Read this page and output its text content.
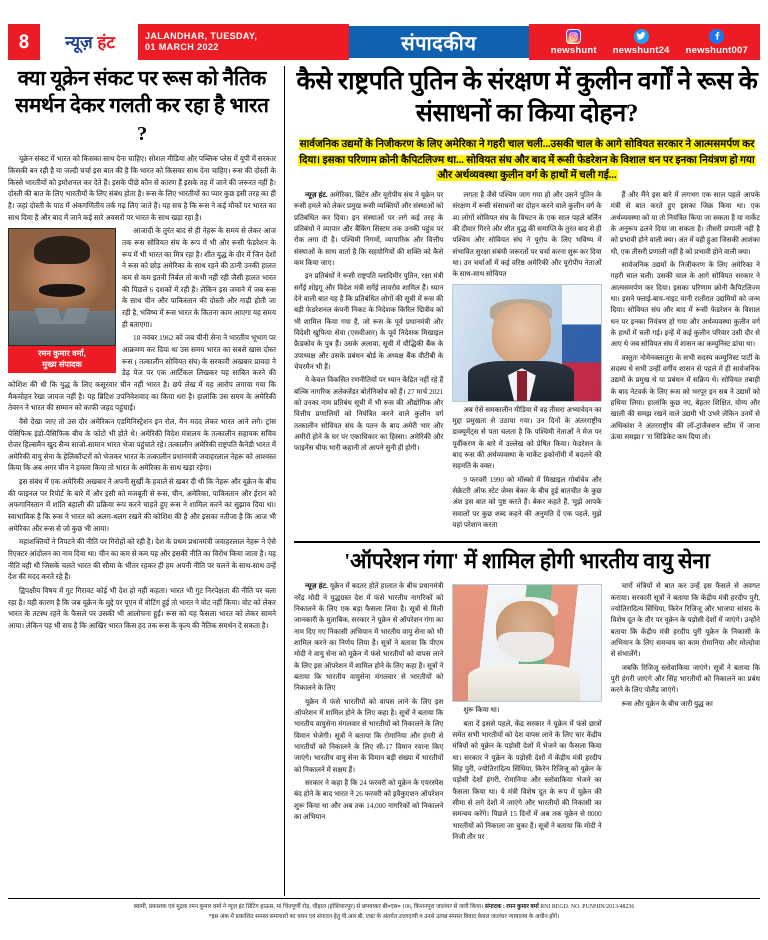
8 न्यूज़ हंट	JALANDHAR, TUESDAY,
01 MARCH 2022	संपादकीय	newshunt newshunt24 newshunt007
क्या यूक्रेन संकट पर रूस को नैतिक समर्थन देकर गलती कर रहा है भारत ?

यूक्रेन संकट में भारत को किसका साथ देना चाहिए। सोशल मीडिया और पब्लिक प्लेस में यूपी में सरकार किसकी बन रही है या जल्दी चर्चा इस बात की है कि भारत को किसका साथ देना चाहिए। रूस की दोस्ती के किस्से भारतीयों को इमोशनल कर देते हैं। इसके पीछे कौन से कारण हैं इसके तह में जाने की जरूरत नहीं है। दोस्ती की बात के लिए भारतीयों के लिए संबंध होता है। रूस के लिए भारतीयों का प्यार कुछ इसी तरह का ही है। जहां दोस्ती के पाठ में अंकगणितीय तर्क गढ़ लिए जाते हैं। यह सच है कि रूस ने कई मौकों पर भारत का साथ दिया है और बाद में जाने कई सारे अवसरों पर भारत के साथ खड़ा रहा है।

रमन कुमार वर्मा,
मुख्य संपादक

आजादी के तुरंत बाद से ही नेहरू के समय से लेकर आज तक रूस सोवियत संघ के रूप में भी और रूसी फेडरेशन के रूप में भी भारत का मित्र रहा है। शीत युद्ध के दौर में जिन देशों ने रूस को छोड़ अमेरिका के साथ रहने की ठानी उनकी हालत कम से कम इतनी निर्बल तो कभी नहीं रही जैसी हालत भारत की पिछले 6 दशकों में रही है। लेकिन इस जमाने में जब रूस के साथ चीन और पाकिस्तान की दोस्ती और गाढ़ी होती जा रही है, भविष्य में रूस भारत के कितना काम आएगा यह समय ही बताएगा।

18 नवंबर 1962 को जब चीनी सेना ने भारतीय भूभाग पर आक्रमण कर दिया था उस समय भारत का सबसे खास दोस्त रूस ( तत्कालीन सोवियत संघ) के सरकारी अखबार प्रावदा ने डेढ़ पेज पर एक आर्टिकल लिखकर यह साबित करने की कोशिश की थी कि युद्ध के लिए कसूरवार चीन नहीं भारत है। छपे लेख में यह आरोप लगाया गया कि मैकमोहन रेखा जायज नहीं है। यह ब्रिटिश उपनिवेशवाद का किया धरा है। हालांकि उस समय के अमेरिकी तेवरन ने भारत की सम्मान को काफी जहद पहुंचाई।

वैसे देखा जाए तो उस दौर अमेरिकन एडमिनिस्ट्रेशन इन रोल, मैन मदद लेकर भारत आने लगे। ट्रांस पेसिफिक इंडो-पैसिफिक बीच के फोटो भी होते थे। अमेरिकी विदेश मंत्रालय के तत्कालीन सहायक सचिव रोजर हिल्समैन खुद सैन्य साजो-सामान भारत भेजा पहुंचाते रहे। तत्कालीन अमेरिकी राष्ट्रपति कैनेडी भारत में अमेरिकी वायु सेना के हेलिकॉप्टरों को भेजकर भारत के तत्कालीन प्रधानमंत्री जवाहरलाल नेहरू को आश्वस्त किया कि अब अगर चीन ने हमला किया तो भारत के अमेरिका के साथ खड़ा रहेगा।

इस संबंध में एक अमेरिकी अखबार ने अपनी सुर्खी के हवाले से खबर दी थी कि नेहरू और यूक्रेन के बीच की फाइनल पर रिपोर्ट के बारे में और इसी को मजबूती से रूस, चीन, अमेरिका, पाकिस्तान और ईरान को अफगानिस्तान में शांति बहाली की प्रक्रिया रूप करने चाहते हुए रूस ने शामिल करने का सुझाव दिया था। स्वाभाविक है कि रूस ने भारत को अलग-थलग रखने की कोशिश की है और इसका नतीजा है कि आज भी अमेरिका और रूस से जो कुछ भी आया।

महाशक्तियों ने निपटने की नीति पर गिरोहों को रही है। देश के प्रथम प्रधानमंत्री जवाहरलाल नेहरू ने ऐसे रिएक्टर आंदोलन का नाम दिया था। चीन का कम से कम यह और इसकी नीति का विरोध किया जाता है। यह नीति वही थी जिसके चलते भारत की सीमा के भीतर रहकर ही हम अपनी नीति पर चलने के साथ-साथ उन्हें देश की मदद करते रहे हैं।

द्विपक्षीय विषय में गुट गिरावट कोई भी देश हो नहीं कहता। भारत भी गुट निरपेक्षता की नीति पर चला रहा है। यही कारण है कि जब यूक्रेन के मुद्दे पर यूएन में वोटिंग हुई तो भारत ने वोट नहीं किया। वोट को लेकर भारत के तटस्थ रहने के फैसले पर उसकी भी आलोचना हुई। रूस को यह फैसला भारत को लेकर सामने आया। लेकिन यह भी सच है कि आखिर भारत किस हद तक रूस के कृत्य की नैतिक समर्थन दे सकता है।

कैसे राष्ट्रपति पुतिन के संरक्षण में कुलीन वर्गों ने रूस के संसाधनों का किया दोहन?
सार्वजनिक उद्यमों के निजीकरण के लिए अमेरिका ने गहरी चाल चली...उसकी चाल के आगे सोवियत सरकार ने आत्मसमर्पण कर दिया। इसका परिणाम क्रोनी कैपिटलिज्म था... सोवियत संघ और बाद में रूसी फेडरेशन के विशाल धन पर इनका नियंत्रण हो गया और अर्थव्यवस्था कुलीन वर्ग के हाथों में चली गई...

न्यूज़ हंट. अमेरिका, ब्रिटेन और यूरोपीय संघ ने यूक्रेन पर रूसी हमले को लेकर प्रमुख रूसी व्यक्तियों और संस्थाओं को प्रतिबंधित कर दिया। इन संस्थाओं पर लगे कई तरह के प्रतिबंधों ने व्यापार और बैंकिंग सिस्टम तक उनकी पहुंच पर रोक लगा दी है। पश्चिमी निगमों, व्यापारिक और वित्तीय संस्थाओं के साथ वार्ता है कि सहयोगियों की शक्ति को कैसे कम किया जाए।

इन प्रतिबंधों ने रूसी राष्ट्रपति व्लादिमीर पुतिन, रक्षा मंत्री सर्गेई शोइगू और विदेश मंत्री सर्गेई लावरोव शामिल हैं। ध्यान देने वाली बात यह है कि प्रतिबंधित लोगों की सूची में रूस की बड़ी फेडरेशनल कंपनी निकट के निदेशक किरिल द्मित्रीव को भी शामिल किया गया है, जो रूस के पूर्व प्रधानमंत्री और विदेशी खुफिया सेवा (एसवीआर) के पूर्व निदेशक मिखाइल फ्रैडकोव के पुत्र हैं। उसके अलावा, सूची में यौद्धिकी बैंक के उपाध्यक्ष और उसके प्रबंधन बोर्ड के अध्यक्ष बैंक वीटीबी के चेयरमैन भी हैं।

ये केवल विकसित रणनीतियों पर ध्यान केंद्रित नहीं रहे हैं बल्कि नागरिक अलेक्जेंडर बोर्तनिकोव को हैं। 27 मार्च 2021 को उनका नाम प्रतिबंध सूची में भी रूस की औद्योगिक और वित्तीय प्रणालियों को नियंत्रित करने वाले कुलीन वर्ग तत्कालीन सोवियत संघ के पतन के बाद अमेरी भार और अमीरों होने के घर पर एकाधिकार का हिस्सा। अमेरिकी और फाइनेंस चीफ भारी कहानी तो आपने सुनी ही होगी।

लगता है जैसे पश्चिम जाग गया हो और उसने पुतिन के संरक्षण में रूसी संसाधनों का दोहन करने वाले कुलीन वर्ग के 40 लोगों सोवियत संघ के विघटन के एक साल पहले बर्लिन की दीवार गिरने और शीत युद्ध की समाप्ति के तुरंत बाद से ही पश्चिम और सोवियत संघ ने यूरोप के लिए भविष्य में संभावित सुरक्षा संबंधी जरूरतों पर चर्चा करना शुरू कर दिया था। उन चर्चाओं में कई वरिष्ठ अमेरिकी और यूरोपीय नेताओं के साथ-साथ सोवियत

अब ऐसे समकालीन मीडिया में वह तीसरा अभ्यावेदन का मुद्दा प्रमुखता से उठाया गया। उन दिनों के अंतरराष्ट्रीय डाक्यूमेंट्स से पता चलता है कि पश्चिमी नेताओं ने मेज पर पूर्वीकरण के बारे में उल्लेख को प्रेषित किया। फेडरेशन के बाद रूस की अर्थव्यवस्था के मार्केट इकोनॉमी में बदलने की सहमति के वक्त।

9 फरवरी 1990 को मॉस्को में मिखाइल गोर्बाचेव और सेक्रेटरी ऑफ स्टेट जेम्स बेकर के बीच हुई बातचीत के कुछ अंश इस बात को पुष्ट करते हैं। बेकर कहते हैं, 'मुझे आपके सवालों पर कुछ शब्द कहने की अनुमति दें एक पहले, मुझे यहां परेशान करता

हैं और मैंने इस बारे में लगभग एक साल पहले आपके मंत्री से बात करते हुए इसका जिक्र किया था। एक अर्थव्यवस्था को या तो नियंत्रित किया जा सकता है या मार्केट के अनुरूप ढलने दिया जा सकता है। तीसरी प्रणाली नहीं है को प्रभावी होने वाली क्या। अंत में वही हुआ जिसकी आशंका थी, एक तीसरी प्रणाली नहीं है को प्रभावी होने वाली क्या।

सार्वजनिक उद्यमों के निजीकरण के लिए अमेरिका ने गहरी चाल चली। उसकी चाल के आगे सोवियत सरकार ने आत्मसमर्पण कर दिया। इसका परिणाम क्रोनी कैपिटलिज्म था। इसने फ्लाई-बाय-नाइट यानी रातोंरात उद्यमियों को जन्म दिया। सोवियत संघ और बाद में रूसी फेडरेशन के विशाल धन पर इनका नियंत्रण हो गया और अर्थव्यवस्था कुलीन वर्ग के हाथों में चली गई। इन्हें में कई कुलीन परिवार उसी दौर से आए थे जब सोवियत संघ में शासन का कम्युनिस्ट ढांचा था।

वस्तुतः नोमेनक्लातुरा के सभी सदस्य कम्युनिस्ट पार्टी के सदस्य थे सभी उन्हीं वर्गीय शासन से पहले में ही सार्वजनिक उद्यमों के प्रमुख थे या प्रबंधन में सक्रिय थे। सोवियत तबाही के बाद नेटवर्क के लिए रूस को भरपूर इन सब ने उद्यमों को हथिया लिया। हालांकि कुछ नए, बेहतर शिक्षित, योग्य और खाली की समझ रखने वाले उद्यमी भी उभरे लेकिन उनमें से अधिकांश ने अंतरराष्ट्रीय की लॉ-ट्रांजैक्शन स्टीम में जाना ऊंचा समझा।' 'रा सिंडिकेट कम दिया तो।

'ऑपरेशन गंगा' में शामिल होगी भारतीय वायु सेना

न्यूज़ हंट. यूक्रेन में बदतर होते हालात के बीच प्रधानमंत्री नरेंद्र मोदी ने युद्धग्रस्त देश में फंसे भारतीय नागरिकों को निकालने के लिए एक बड़ा फैसला लिया है। सूत्रों से मिली जानकारी के मुताबिक, सरकार ने यूक्रेन से ऑपरेशन गंगा का नाम दिए गए निकासी अभियान में भारतीय वायु सेना को भी शामिल करने का निर्णय लिया है। सूत्रों ने बताया कि पीएम मोदी ने वायु सेना को यूक्रेन में फंसे भारतीयों को वापस लाने के लिए इस ऑपरेशन में शामिल होने के लिए कहा है। सूत्रों ने बताया कि भारतीय वायुसेना मंगलवार से भारतीयों को निकालने के लिए

यूक्रेन में फंसे भारतीयों को वापस लाने के लिए इस ऑपरेशन में शामिल होने के लिए कहा है। सूत्रों ने बताया कि भारतीय वायुसेना मंगलवार से भारतीयों को निकालने के लिए विमान भेजेगी। सूत्रों ने बताया कि रोमानिया और हंगरी से भारतीयों को निकालने के लिए सी-17 विमान रवाना किए जाएंगे। भारतीय वायु सेना के विमान बड़ी संख्या में भारतीयों को निकालने में सक्षम हैं।

सरकार ने कहा है कि 24 फरवरी को यूक्रेन के एयरस्पेस बंद होने के बाद भारत ने 26 फरवरी को इवैकुएशन ऑपरेशन शुरू किया था और अब तक 14,000 नागरिकों को निकालने का अभियान

शुरू किया था।

बता दें इससे पहले, केंद्र सरकार ने यूक्रेन में फंसे छात्रों समेत सभी भारतीयों को देश वापस लाने के लिए चार केंद्रीय मंत्रियों को यूक्रेन के पड़ोसी देशों में भेजने का फैसला किया था। सरकार ने यूक्रेन के पड़ोसी देशों में केंद्रीय मंत्री हरदीप सिंह पुरी, ज्योतिरादित्य सिंधिया, किरेन रिजिजू को यूक्रेन के पड़ोसी देशों हंगरी, रोमानिया और स्लोवाकिया भेजने का फैसला किया था। ये मंत्री विशेष दूत के रूप में यूक्रेन की सीमा से लगे देशों में जाएंगे और भारतीयों की निकासी का समन्वय करेंगे। पिछले 15 दिनों में अब तक यूक्रेन से 8000 भारतीयों को निकाला जा चुका है। सूत्रों ने बताया कि मोदी ने निजी तौर पर

चारों मंत्रियों से बात कर उन्हें इस फैसले से अवगत कराया। सरकारी सूत्रों ने बताया कि केंद्रीय मंत्री हरदीप पुरी, ज्योतिरादित्य सिंधिया, किरेन रिजिजू और भाजपा सांसद के विशेष दूत के तौर पर यूक्रेन के पड़ोसी देशों में जाएंगे। उन्होंने बताया कि केंद्रीय मंत्री हरदीप पुरी यूक्रेन के निकासी के अभियान के लिए समन्वय का काम रोमानिया और मोल्दोवा से संभालेंगे।

जबकि रिजिजू स्लोवाकिया जाएंगे। सूत्रों ने बताया कि पुरी हंगरी जाएंगे और सिंह भारतीयों को निकालने का प्रबंध करने के लिए पोलैंड जाएंगे।

रूस और यूक्रेन के बीच जारी युद्ध का

स्वामी, प्रकाशक एवं मुद्रक रमन कुमार वर्मा ने न्यूज़ हंट प्रिंटिंग हाऊस, मां चिंतपूर्णी रोड, चौहाल (होशियारपुर) से छपवाकर बी०एस० 106, किशनपुरा जालंधर से जारी किया। संपादक : रमन कुमार वर्मा RNI REGD. NO. PUNHIN/2013/48236
*इस अंक में प्रकाशित समस्त समाचारों का चयन एवं संपादन हेतु पी.आर.बी. एक्ट के अंतर्गत उत्तरदायी व उनसे उत्पन्न समस्त विवाद केवल जालंधर न्यायालय के अधीन होंगे।
